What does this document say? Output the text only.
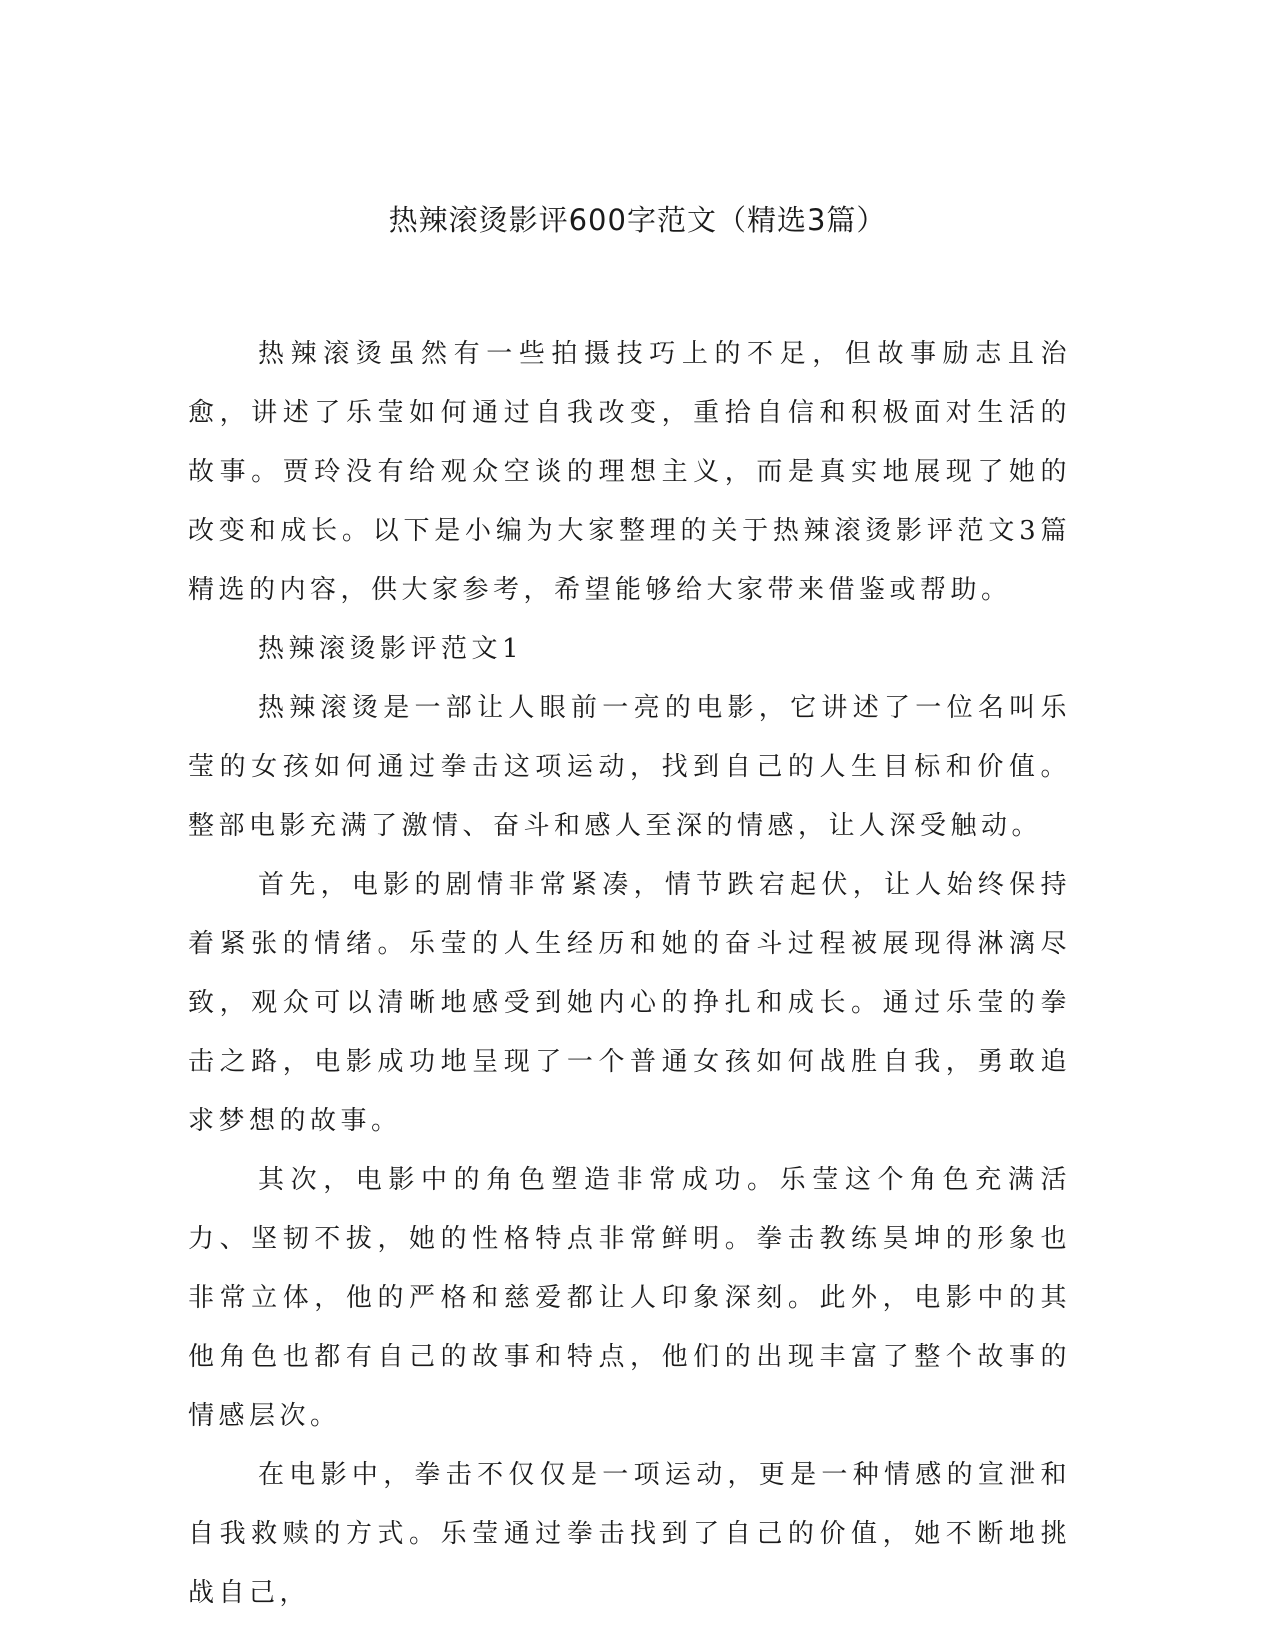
热辣滚烫影评600字范文（精选3篇）

热辣滚烫虽然有一些拍摄技巧上的不足，但故事励志且治愈，讲述了乐莹如何通过自我改变，重拾自信和积极面对生活的故事。贾玲没有给观众空谈的理想主义，而是真实地展现了她的改变和成长。以下是小编为大家整理的关于热辣滚烫影评范文3篇精选的内容，供大家参考，希望能够给大家带来借鉴或帮助。

热辣滚烫影评范文1

热辣滚烫是一部让人眼前一亮的电影，它讲述了一位名叫乐莹的女孩如何通过拳击这项运动，找到自己的人生目标和价值。整部电影充满了激情、奋斗和感人至深的情感，让人深受触动。

首先，电影的剧情非常紧凑，情节跌宕起伏，让人始终保持着紧张的情绪。乐莹的人生经历和她的奋斗过程被展现得淋漓尽致，观众可以清晰地感受到她内心的挣扎和成长。通过乐莹的拳击之路，电影成功地呈现了一个普通女孩如何战胜自我，勇敢追求梦想的故事。

其次，电影中的角色塑造非常成功。乐莹这个角色充满活力、坚韧不拔，她的性格特点非常鲜明。拳击教练昊坤的形象也非常立体，他的严格和慈爱都让人印象深刻。此外，电影中的其他角色也都有自己的故事和特点，他们的出现丰富了整个故事的情感层次。

在电影中，拳击不仅仅是一项运动，更是一种情感的宣泄和自我救赎的方式。乐莹通过拳击找到了自己的价值，她不断地挑战自己，
